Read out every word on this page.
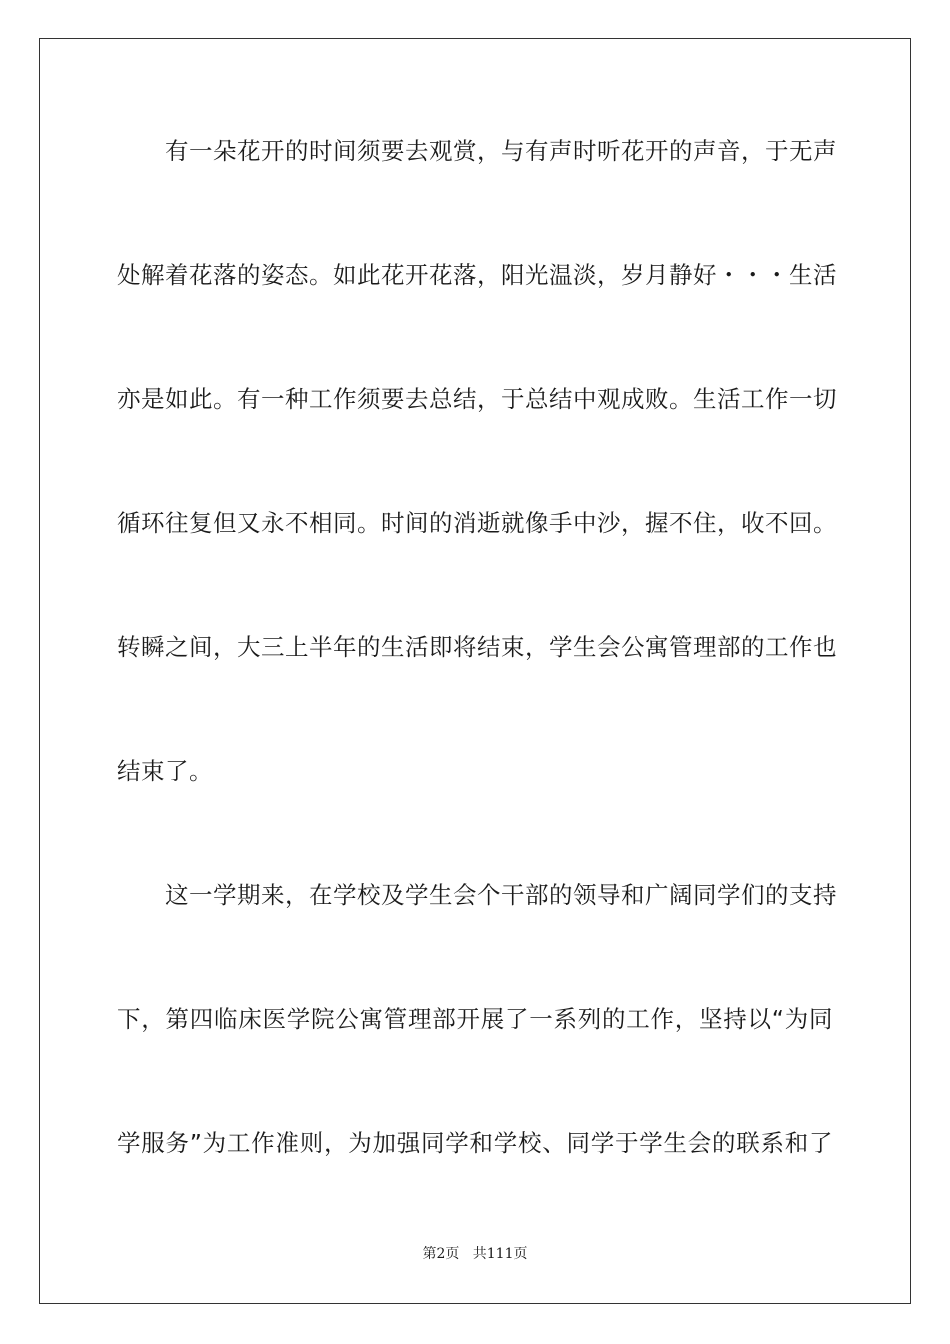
有一朵花开的时间须要去观赏，与有声时听花开的声音，于无声
处解着花落的姿态。如此花开花落，阳光温淡，岁月静好・・・生活
亦是如此。有一种工作须要去总结，于总结中观成败。生活工作一切
循环往复但又永不相同。时间的消逝就像手中沙，握不住，收不回。
转瞬之间，大三上半年的生活即将结束，学生会公寓管理部的工作也
结束了。
这一学期来，在学校及学生会个干部的领导和广阔同学们的支持
下，第四临床医学院公寓管理部开展了一系列的工作，坚持以“为同
学服务”为工作准则，为加强同学和学校、同学于学生会的联系和了
第2页 共111页
